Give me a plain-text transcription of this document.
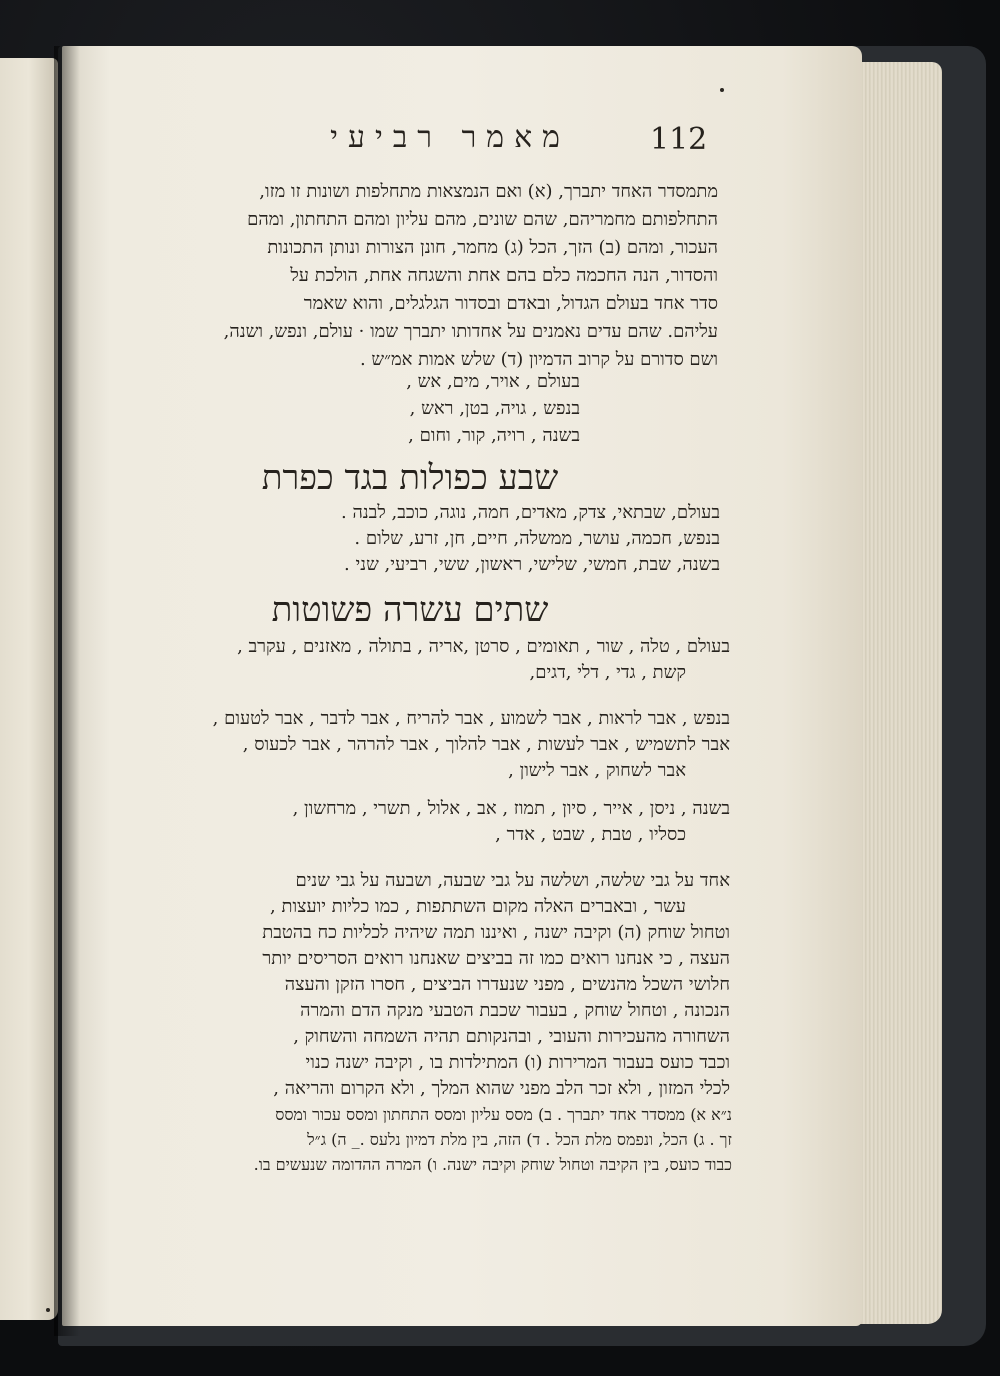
מאמר רביעי	112
מתמסדר האחד יתברך, (א) ואם הנמצאות מתחלפות ושונות זו מזו,
התחלפותם מחמריהם, שהם שונים, מהם עליון ומהם התחתון, ומהם
העכור, ומהם (ב) הזך, הכל (ג) מחמר, חונן הצורות ונותן התכונות
והסדור, הנה החכמה כלם בהם אחת והשגחה אחת, הולכת על
סדר אחד בעולם הגדול, ובאדם ובסדור הגלגלים, והוא שאמר
עליהם. שהם עדים נאמנים על אחדותו יתברך שמו · עולם, ונפש, ושנה,
ושם סדורם על קרוב הדמיון (ד) שלש אמות אמ״ש .
בעולם , אויר, מים, אש ,
בנפש , גויה, בטן, ראש ,
בשנה , רויה, קור, וחום ,
שבע כפולות בגד כפרת
בעולם, שבתאי, צדק, מאדים, חמה, נוגה, כוכב, לבנה .
בנפש, חכמה, עושר, ממשלה, חיים, חן, זרע, שלום .
בשנה, שבת, חמשי, שלישי, ראשון, ששי, רביעי, שני .
שתים עשרה פשוטות
בעולם , טלה , שור , תאומים , סרטן ,אריה , בתולה , מאזנים , עקרב ,
קשת , גדי , דלי ,דגים,
בנפש , אבר לראות , אבר לשמוע , אבר להריח , אבר לדבר , אבר לטעום ,
אבר לתשמיש , אבר לעשות , אבר להלוך , אבר להרהר , אבר לכעוס ,
אבר לשחוק , אבר לישון ,
בשנה , ניסן , אייר , סיון , תמוז , אב , אלול , תשרי , מרחשון ,
כסליו , טבת , שבט , אדר ,
אחד על גבי שלשה, ושלשה על גבי שבעה, ושבעה על גבי שנים
עשר , ובאברים האלה מקום השתתפות , כמו כליות יועצות ,
וטחול שוחק (ה) וקיבה ישנה , ואיננו תמה שיהיה לכליות כח בהטבת
העצה , כי אנחנו רואים כמו זה בביצים שאנחנו רואים הסריסים יותר
חלושי השכל מהנשים , מפני שנעדרו הביצים , חסרו הזקן והעצה
הנכונה , וטחול שוחק , בעבור שכבת הטבעי מנקה הדם והמרה
השחורה מהעכירות והעובי , ובהנקותם תהיה השמחה והשחוק ,
וכבד כועס בעבור המרירות (ו) המתילדות בו , וקיבה ישנה כנוי
לכלי המזון , ולא זכר הלב מפני שהוא המלך , ולא הקרום והריאה ,
נ״א א) ממסדר אחד יתברך . ב) מסס עליון ומסס התחתון ומסס עכור ומסס
זך . ג) הכל, ונפמס מלת הכל . ד) הזה, בין מלת דמיון נלעס ._ ה) ג״ל
כבוד כועס, בין הקיבה וטחול שוחק וקיבה ישנה. ו) המרה ההדומה שנעשים בו.
